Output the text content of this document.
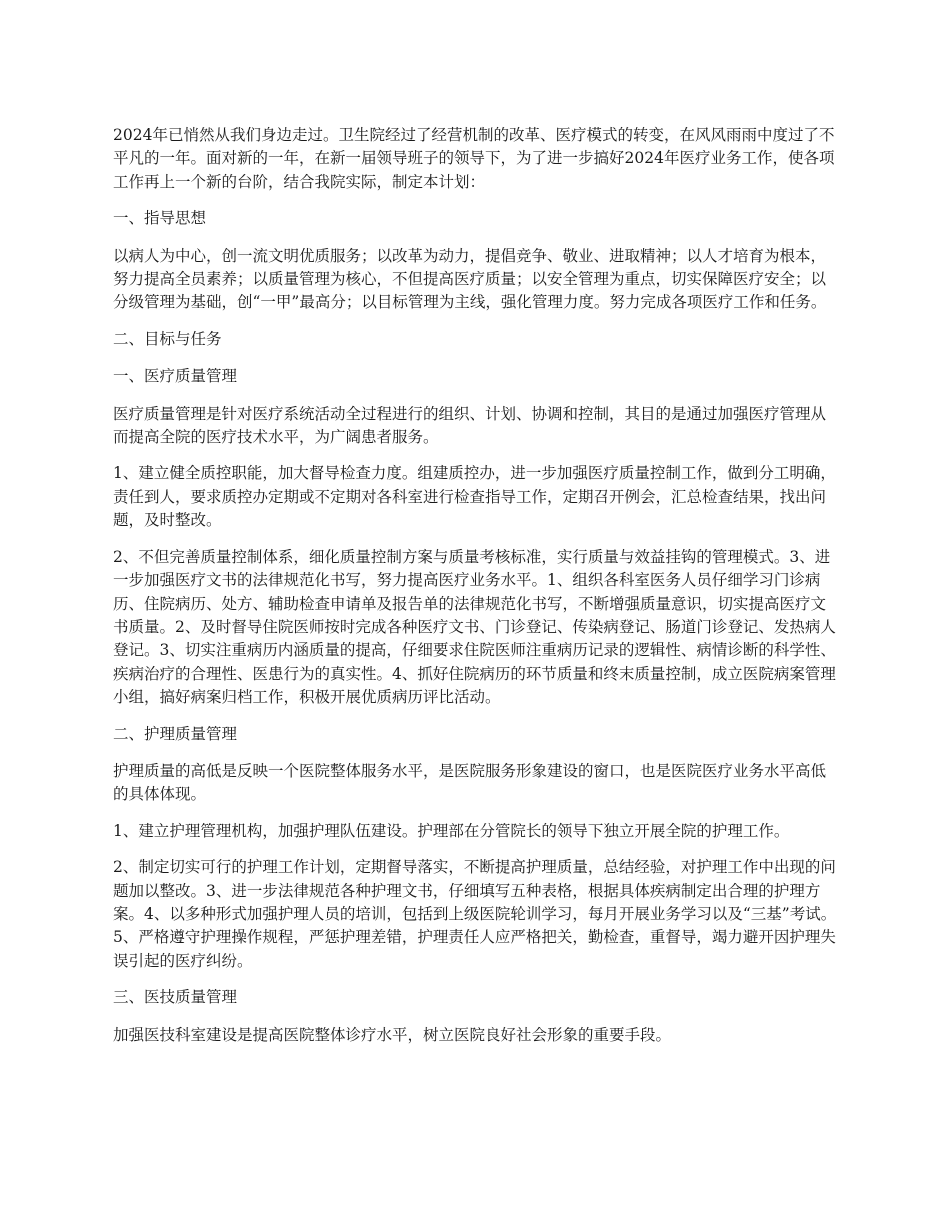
2024年已悄然从我们身边走过。卫生院经过了经营机制的改革、医疗模式的转变，在风风雨雨中度过了不平凡的一年。面对新的一年，在新一届领导班子的领导下，为了进一步搞好2024年医疗业务工作，使各项工作再上一个新的台阶，结合我院实际，制定本计划：

一、指导思想

以病人为中心，创一流文明优质服务；以改革为动力，提倡竞争、敬业、进取精神；以人才培育为根本，努力提高全员素养；以质量管理为核心，不但提高医疗质量；以安全管理为重点，切实保障医疗安全；以分级管理为基础，创“一甲”最高分；以目标管理为主线，强化管理力度。努力完成各项医疗工作和任务。

二、目标与任务

一、医疗质量管理

医疗质量管理是针对医疗系统活动全过程进行的组织、计划、协调和控制，其目的是通过加强医疗管理从而提高全院的医疗技术水平，为广阔患者服务。

1、建立健全质控职能，加大督导检查力度。组建质控办，进一步加强医疗质量控制工作，做到分工明确，责任到人，要求质控办定期或不定期对各科室进行检查指导工作，定期召开例会，汇总检查结果，找出问题，及时整改。

2、不但完善质量控制体系，细化质量控制方案与质量考核标准，实行质量与效益挂钩的管理模式。3、进一步加强医疗文书的法律规范化书写，努力提高医疗业务水平。1、组织各科室医务人员仔细学习门诊病历、住院病历、处方、辅助检查申请单及报告单的法律规范化书写，不断增强质量意识，切实提高医疗文书质量。2、及时督导住院医师按时完成各种医疗文书、门诊登记、传染病登记、肠道门诊登记、发热病人登记。3、切实注重病历内涵质量的提高，仔细要求住院医师注重病历记录的逻辑性、病情诊断的科学性、疾病治疗的合理性、医患行为的真实性。4、抓好住院病历的环节质量和终末质量控制，成立医院病案管理小组，搞好病案归档工作，积极开展优质病历评比活动。

二、护理质量管理

护理质量的高低是反映一个医院整体服务水平，是医院服务形象建设的窗口，也是医院医疗业务水平高低的具体体现。

1、建立护理管理机构，加强护理队伍建设。护理部在分管院长的领导下独立开展全院的护理工作。

2、制定切实可行的护理工作计划，定期督导落实，不断提高护理质量，总结经验，对护理工作中出现的问题加以整改。3、进一步法律规范各种护理文书，仔细填写五种表格，根据具体疾病制定出合理的护理方案。4、以多种形式加强护理人员的培训，包括到上级医院轮训学习，每月开展业务学习以及“三基”考试。5、严格遵守护理操作规程，严惩护理差错，护理责任人应严格把关，勤检查，重督导，竭力避开因护理失误引起的医疗纠纷。

三、医技质量管理

加强医技科室建设是提高医院整体诊疗水平，树立医院良好社会形象的重要手段。
